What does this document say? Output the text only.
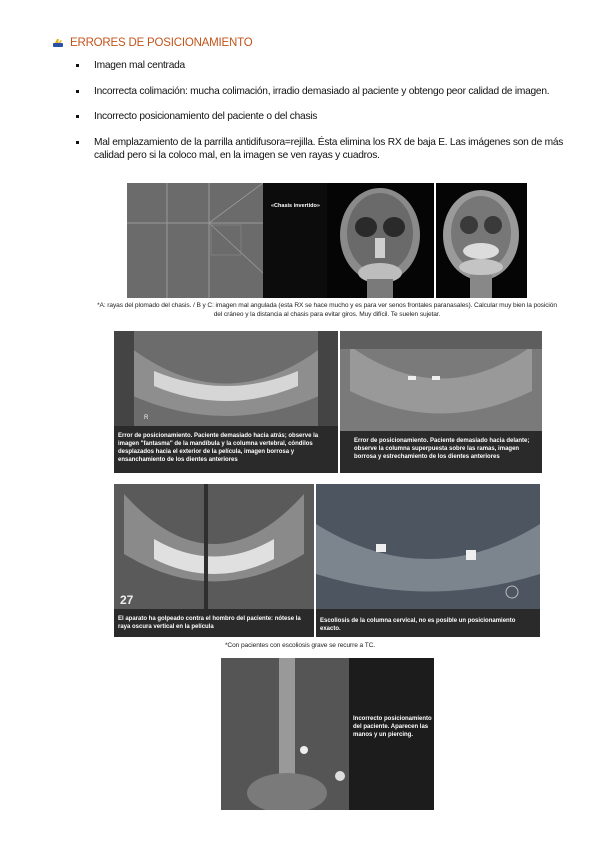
ERRORES DE POSICIONAMIENTO
Imagen mal centrada
Incorrecta colimación: mucha colimación, irradio demasiado al paciente y obtengo peor calidad de imagen.
Incorrecto posicionamiento del paciente o del chasis
Mal emplazamiento de la parrilla antidifusora=rejilla. Ésta elimina los RX de baja E. Las imágenes son de más calidad pero si la coloco mal, en la imagen se ven rayas y cuadros.
«Chasis invertido»
*A: rayas del plomado del chasis. / B y C: imagen mal angulada (esta RX se hace mucho y es para ver senos frontales paranasales). Calcular muy bien la posición del cráneo y la distancia al chasis para evitar giros. Muy difícil. Te suelen sujetar.
R
Error de posicionamiento. Paciente demasiado hacia atrás; observe la imagen "fantasma" de la mandíbula y la columna vertebral, cóndilos desplazados hacia el exterior de la película, imagen borrosa y ensanchamiento de los dientes anteriores
Error de posicionamiento. Paciente demasiado hacia delante; observe la columna superpuesta sobre las ramas, imagen borrosa y estrechamiento de los dientes anteriores
27
El aparato ha golpeado contra el hombro del paciente: nótese la raya oscura vertical en la película
Escoliosis de la columna cervical, no es posible un posicionamiento exacto.
*Con pacientes con escoliosis grave se recurre a TC.
Incorrecto posicionamiento del paciente. Aparecen las manos y un piercing.
